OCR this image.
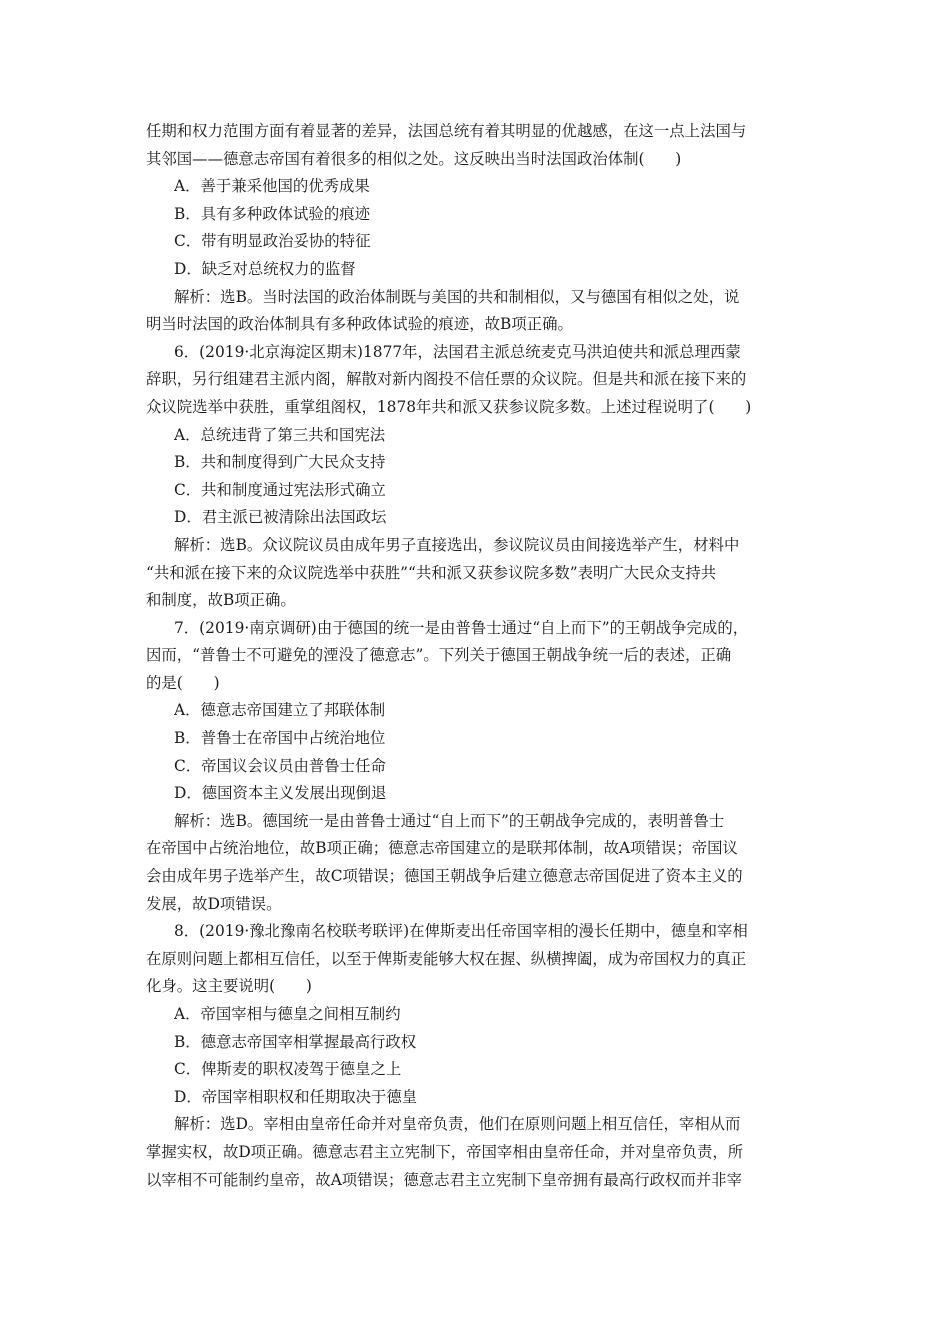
任期和权力范围方面有着显著的差异，法国总统有着其明显的优越感，在这一点上法国与
其邻国——德意志帝国有着很多的相似之处。这反映出当时法国政治体制(　　)
A．善于兼采他国的优秀成果
B．具有多种政体试验的痕迹
C．带有明显政治妥协的特征
D．缺乏对总统权力的监督
解析：选B。当时法国的政治体制既与美国的共和制相似，又与德国有相似之处，说
明当时法国的政治体制具有多种政体试验的痕迹，故B项正确。
6．(2019·北京海淀区期末)1877年，法国君主派总统麦克马洪迫使共和派总理西蒙
辞职，另行组建君主派内阁，解散对新内阁投不信任票的众议院。但是共和派在接下来的
众议院选举中获胜，重掌组阁权，1878年共和派又获参议院多数。上述过程说明了(　　)
A．总统违背了第三共和国宪法
B．共和制度得到广大民众支持
C．共和制度通过宪法形式确立
D．君主派已被清除出法国政坛
解析：选B。众议院议员由成年男子直接选出，参议院议员由间接选举产生，材料中
“共和派在接下来的众议院选举中获胜”“共和派又获参议院多数”表明广大民众支持共
和制度，故B项正确。
7．(2019·南京调研)由于德国的统一是由普鲁士通过“自上而下”的王朝战争完成的，
因而，“普鲁士不可避免的湮没了德意志”。下列关于德国王朝战争统一后的表述，正确
的是(　　)
A．德意志帝国建立了邦联体制
B．普鲁士在帝国中占统治地位
C．帝国议会议员由普鲁士任命
D．德国资本主义发展出现倒退
解析：选B。德国统一是由普鲁士通过“自上而下”的王朝战争完成的，表明普鲁士
在帝国中占统治地位，故B项正确；德意志帝国建立的是联邦体制，故A项错误；帝国议
会由成年男子选举产生，故C项错误；德国王朝战争后建立德意志帝国促进了资本主义的
发展，故D项错误。
8．(2019·豫北豫南名校联考联评)在俾斯麦出任帝国宰相的漫长任期中，德皇和宰相
在原则问题上都相互信任，以至于俾斯麦能够大权在握、纵横捭阖，成为帝国权力的真正
化身。这主要说明(　　)
A．帝国宰相与德皇之间相互制约
B．德意志帝国宰相掌握最高行政权
C．俾斯麦的职权凌驾于德皇之上
D．帝国宰相职权和任期取决于德皇
解析：选D。宰相由皇帝任命并对皇帝负责，他们在原则问题上相互信任，宰相从而
掌握实权，故D项正确。德意志君主立宪制下，帝国宰相由皇帝任命，并对皇帝负责，所
以宰相不可能制约皇帝，故A项错误；德意志君主立宪制下皇帝拥有最高行政权而并非宰
